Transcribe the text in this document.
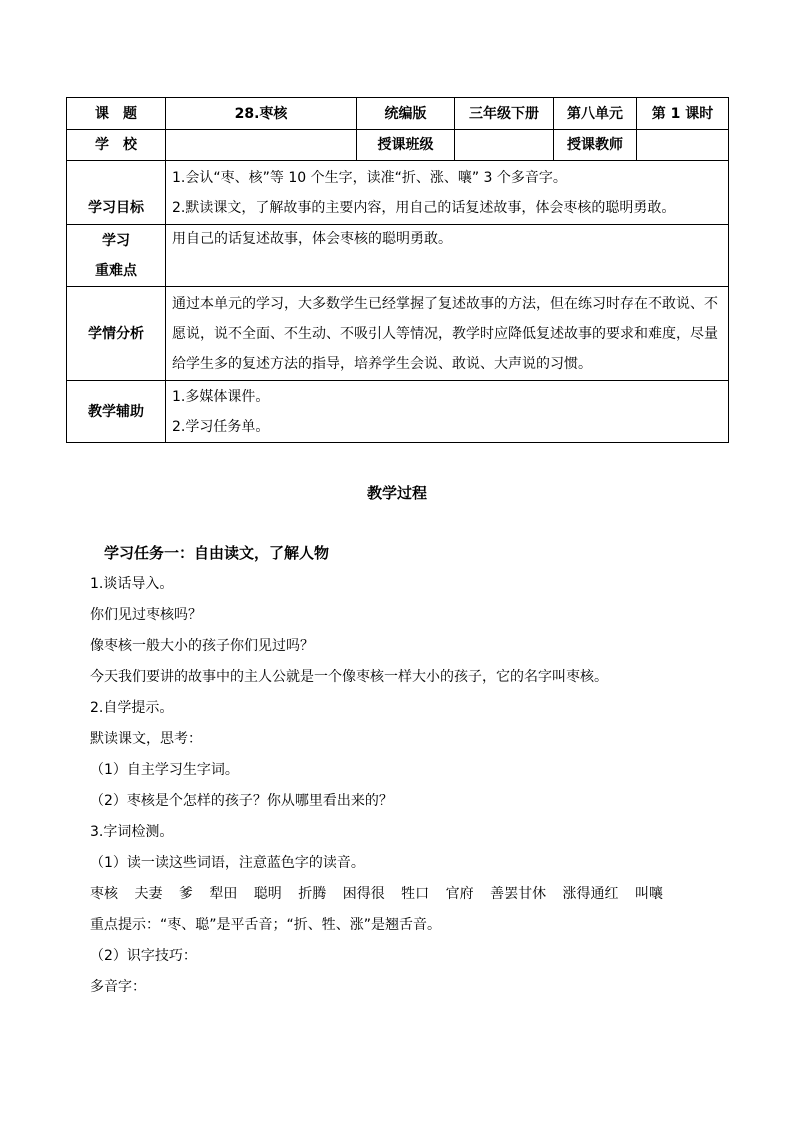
课　题	28.枣核	统编版	三年级下册	第八单元	第 1 课时
学　校		授课班级		授课教师	
学习目标	1.会认“枣、核”等 10 个生字，读准“折、涨、嚷” 3 个多音字。
2.默读课文，了解故事的主要内容，用自己的话复述故事，体会枣核的聪明勇敢。				

学习
重难点	用自己的话复述故事，体会枣核的聪明勇敢。				
学情分析	通过本单元的学习，大多数学生已经掌握了复述故事的方法，但在练习时存在不敢说、不
愿说，说不全面、不生动、不吸引人等情况，教学时应降低复述故事的要求和难度，尽量
给学生多的复述方法的指导，培养学生会说、敢说、大声说的习惯。				

教学辅助	1.多媒体课件。
2.学习任务单。				
教学过程
学习任务一：自由读文，了解人物
1.谈话导入。
你们见过枣核吗？
像枣核一般大小的孩子你们见过吗？
今天我们要讲的故事中的主人公就是一个像枣核一样大小的孩子，它的名字叫枣核。
2.自学提示。
默读课文，思考：
（1）自主学习生字词。
（2）枣核是个怎样的孩子？你从哪里看出来的？
3.字词检测。
（1）读一读这些词语，注意蓝色字的读音。
枣核 夫妻 爹 犁田 聪明 折腾 困得很 牲口 官府 善罢甘休 涨得通红 叫嚷
重点提示：“枣、聪”是平舌音；“折、牲、涨”是翘舌音。
（2）识字技巧：
多音字：
